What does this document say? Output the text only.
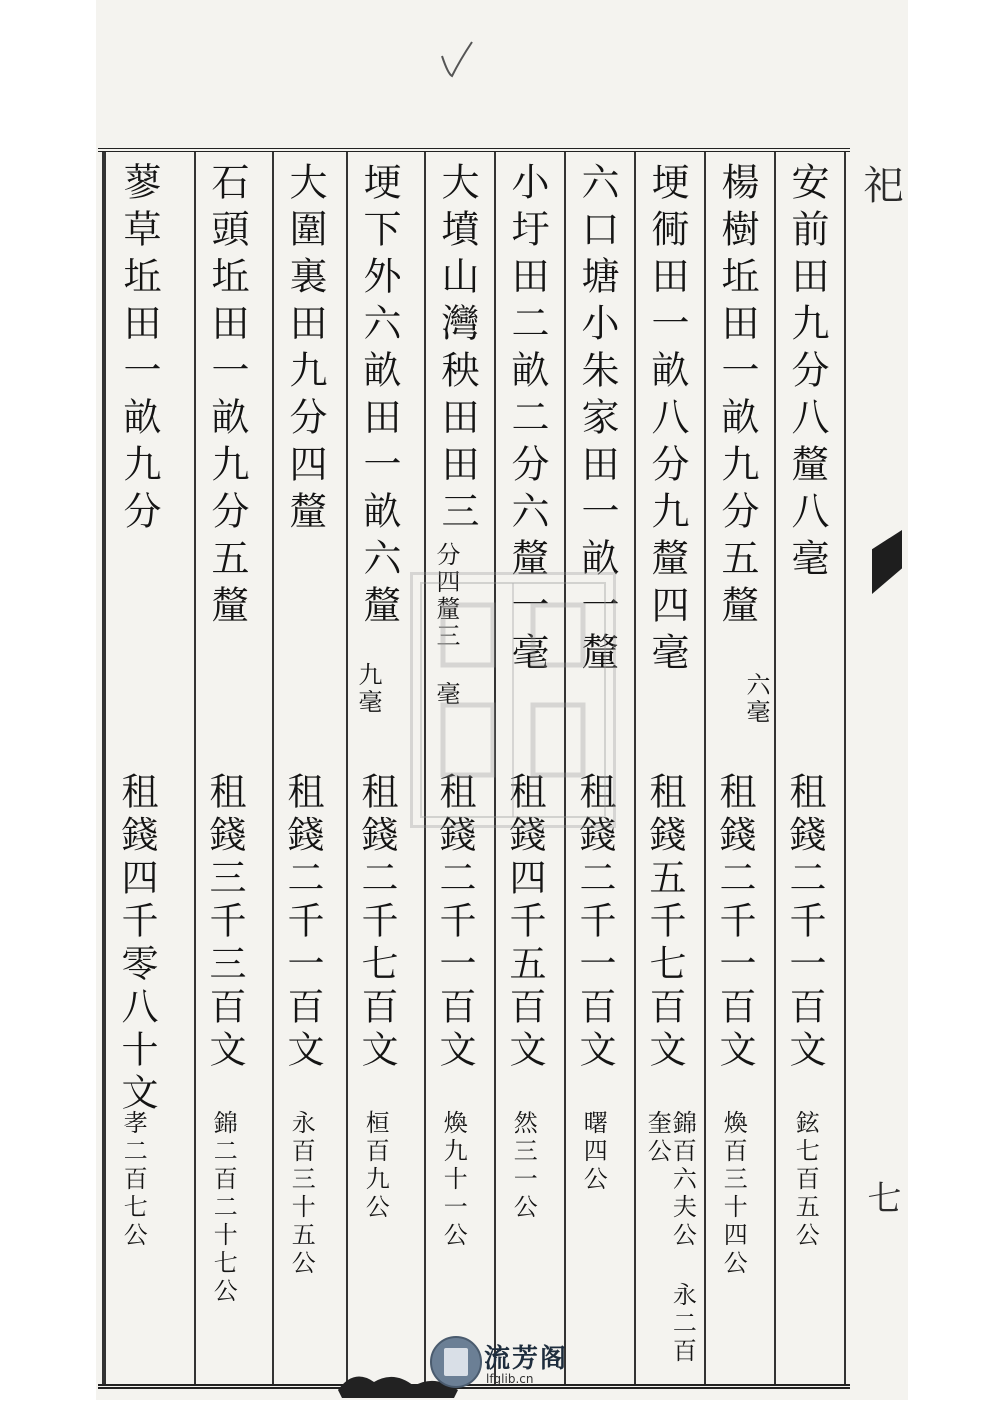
安前田九分八釐八毫
租錢二千一百文
鉉七百五公
楊樹坵田一畝九分五釐
六毫
租錢二千一百文
煥百三十四公
埂衕田一畝八分九釐四毫
租錢五千七百文
錦百六夫公 永二百奎公
六口塘小朱家田一畝一釐
租錢二千一百文
曙四公
小圩田二畝二分六釐一毫
租錢四千五百文
然三一公
大墳山灣秧田田三
分四釐三 毫
租錢二千一百文
煥九十一公
埂下外六畝田一畝六釐
九毫
租錢二千七百文
桓百九公
大圍裏田九分四釐
租錢二千一百文
永百三十五公
石頭坵田一畝九分五釐
租錢三千三百文
錦二百二十七公
蓼草坵田一畝九分
租錢四千零八十文
孝二百七公
祀
七
流芳阁
lfglib.cn
